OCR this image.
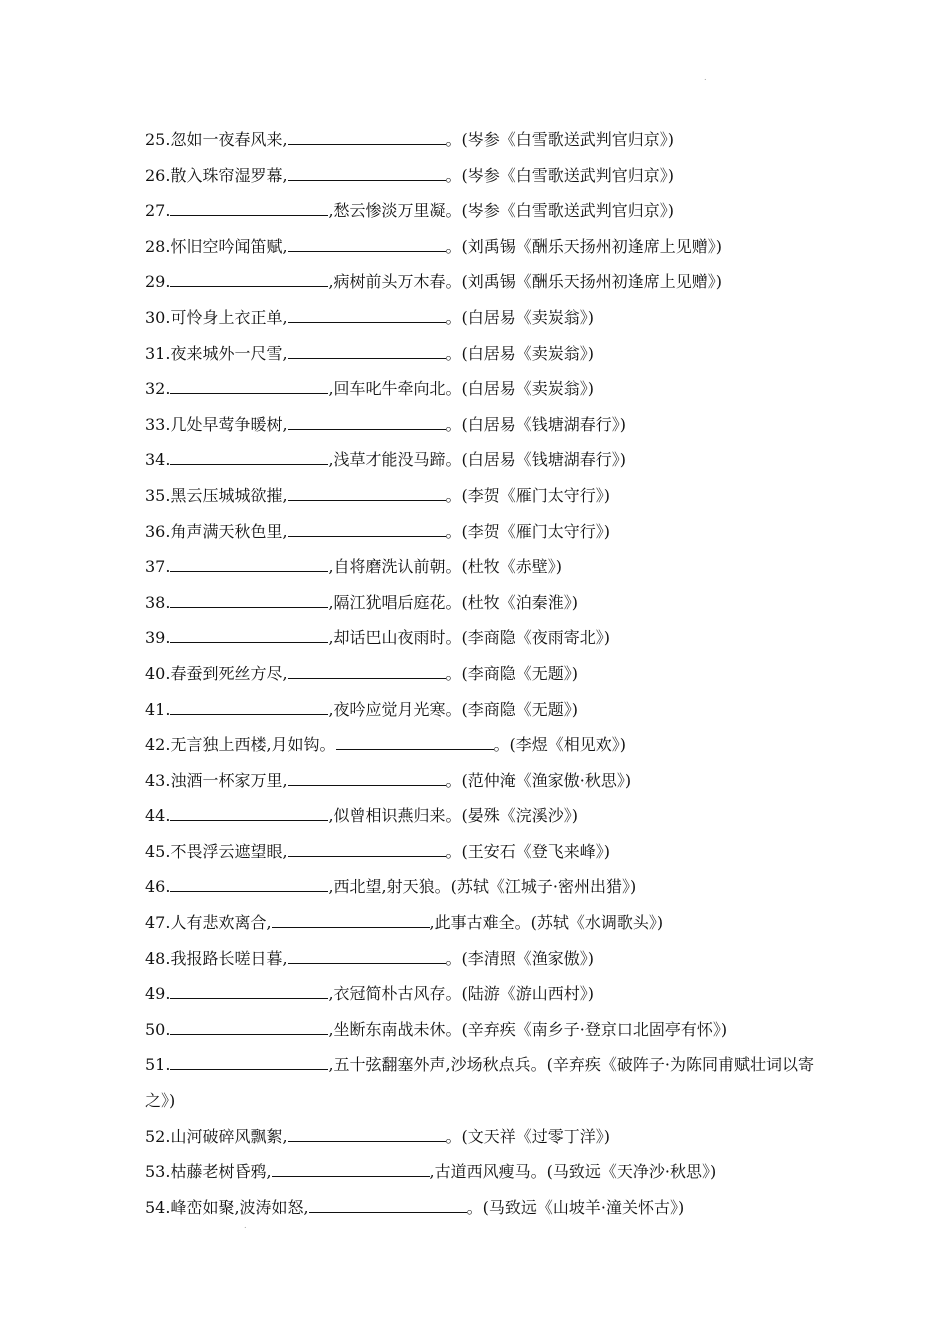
.
25.忽如一夜春风来,	。(岑参《白雪歌送武判官归京》)
26.散入珠帘湿罗幕,	。(岑参《白雪歌送武判官归京》)
27.	,愁云惨淡万里凝。(岑参《白雪歌送武判官归京》)
28.怀旧空吟闻笛赋,	。(刘禹锡《酬乐天扬州初逢席上见赠》)
29.	,病树前头万木春。(刘禹锡《酬乐天扬州初逢席上见赠》)
30.可怜身上衣正单,	。(白居易《卖炭翁》)
31.夜来城外一尺雪,	。(白居易《卖炭翁》)
32.	,回车叱牛牵向北。(白居易《卖炭翁》)
33.几处早莺争暖树,	。(白居易《钱塘湖春行》)
34.	,浅草才能没马蹄。(白居易《钱塘湖春行》)
35.黑云压城城欲摧,	。(李贺《雁门太守行》)
36.角声满天秋色里,	。(李贺《雁门太守行》)
37.	,自将磨洗认前朝。(杜牧《赤壁》)
38.	,隔江犹唱后庭花。(杜牧《泊秦淮》)
39.	,却话巴山夜雨时。(李商隐《夜雨寄北》)
40.春蚕到死丝方尽,	。(李商隐《无题》)
41.	,夜吟应觉月光寒。(李商隐《无题》)
42.无言独上西楼,月如钩。	。(李煜《相见欢》)
43.浊酒一杯家万里,	。(范仲淹《渔家傲·秋思》)
44.	,似曾相识燕归来。(晏殊《浣溪沙》)
45.不畏浮云遮望眼,	。(王安石《登飞来峰》)
46.	,西北望,射天狼。(苏轼《江城子·密州出猎》)
47.人有悲欢离合,	,此事古难全。(苏轼《水调歌头》)
48.我报路长嗟日暮,	。(李清照《渔家傲》)
49.	,衣冠简朴古风存。(陆游《游山西村》)
50.	,坐断东南战未休。(辛弃疾《南乡子·登京口北固亭有怀》)
51.	,五十弦翻塞外声,沙场秋点兵。(辛弃疾《破阵子·为陈同甫赋壮词以寄之》)
52.山河破碎风飘絮,	。(文天祥《过零丁洋》)
53.枯藤老树昏鸦,	,古道西风瘦马。(马致远《天净沙·秋思》)
54.峰峦如聚,波涛如怒,	。(马致远《山坡羊·潼关怀古》)
.
